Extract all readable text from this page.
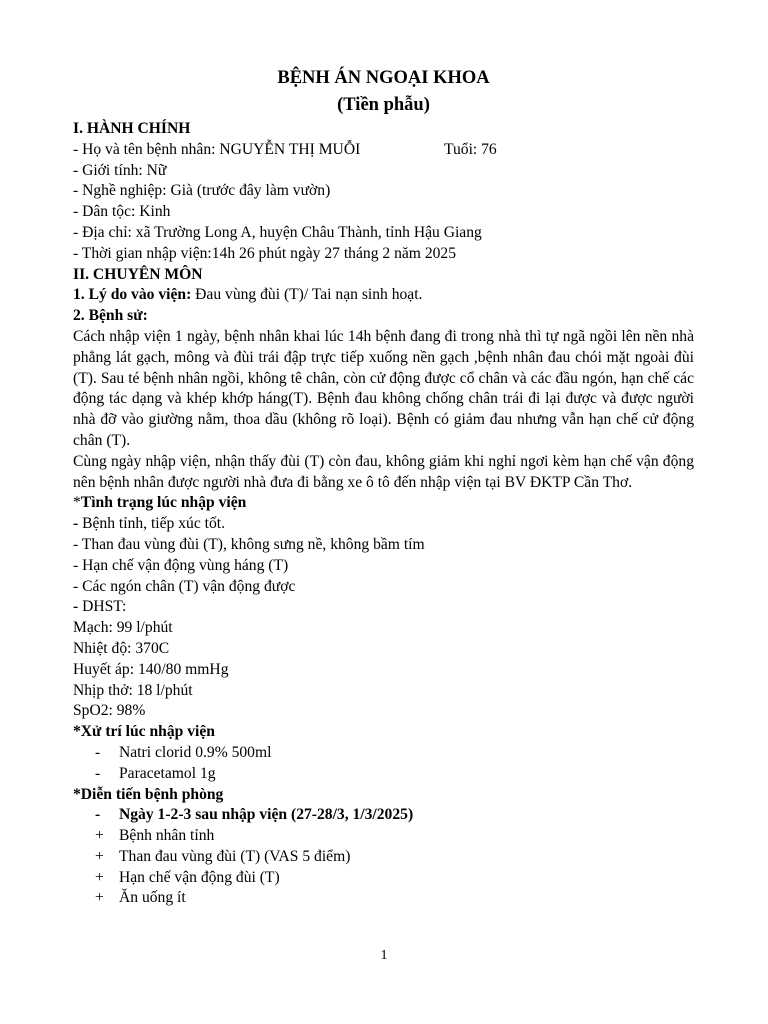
BỆNH ÁN NGOẠI KHOA
(Tiền phẫu)
I. HÀNH CHÍNH
- Họ và tên bệnh nhân: NGUYỄN THỊ MUỖI	Tuổi: 76
- Giới tính: Nữ
- Nghề nghiệp: Già (trước đây làm vườn)
- Dân tộc: Kinh
- Địa chỉ: xã Trường Long A, huyện Châu Thành, tỉnh Hậu Giang
- Thời gian nhập viện:14h 26 phút ngày 27 tháng 2 năm 2025
II. CHUYÊN MÔN
1. Lý do vào viện: Đau vùng đùi (T)/ Tai nạn sinh hoạt.
2. Bệnh sử:

Cách nhập viện 1 ngày, bệnh nhân khai lúc 14h bệnh đang đi trong nhà thì tự ngã ngồi lên nền nhà phẳng lát gạch, mông và đùi trái đập trực tiếp xuống nền gạch ,bệnh nhân đau chói mặt ngoài đùi (T). Sau té bệnh nhân ngồi, không tê chân, còn cử động được cổ chân và các đầu ngón, hạn chế các động tác dạng và khép khớp háng(T). Bệnh đau không chống chân trái đi lại được và được người nhà đỡ vào giường nằm, thoa dầu (không rõ loại). Bệnh có giảm đau nhưng vẫn hạn chế cử động chân (T).

Cùng ngày nhập viện, nhận thấy đùi (T) còn đau, không giảm khi nghỉ ngơi kèm hạn chế vận động nên bệnh nhân được người nhà đưa đi bằng xe ô tô đến nhập viện tại BV ĐKTP Cần Thơ.

*Tình trạng lúc nhập viện
- Bệnh tỉnh, tiếp xúc tốt.
- Than đau vùng đùi (T), không sưng nề, không bầm tím
- Hạn chế vận động vùng háng (T)
- Các ngón chân (T) vận động được
- DHST:
Mạch: 99 l/phút
Nhiệt độ: 370C
Huyết áp: 140/80 mmHg
Nhịp thở: 18 l/phút
SpO2: 98%
*Xử trí lúc nhập viện
- Natri clorid 0.9% 500ml
- Paracetamol 1g
*Diễn tiến bệnh phòng
- Ngày 1-2-3 sau nhập viện (27-28/3, 1/3/2025)
+ Bệnh nhân tỉnh
+ Than đau vùng đùi (T) (VAS 5 điểm)
+ Hạn chế vận động đùi (T)
+ Ăn uống ít
1
